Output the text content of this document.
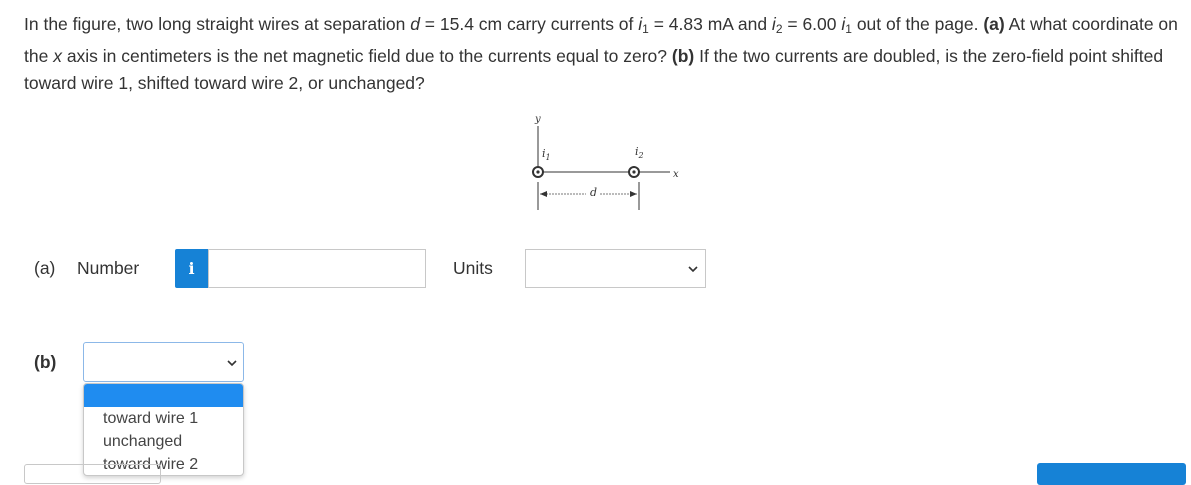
In the figure, two long straight wires at separation d = 15.4 cm carry currents of $i_1 = 4.83$ mA and $i_2 = 6.00$ $i_1$ out of the page. (a) At what coordinate on the x axis in centimeters is the net magnetic field due to the currents equal to zero? (b) If the two currents are doubled, is the zero-field point shifted toward wire 1, shifted toward wire 2, or unchanged?

y
$i_1$	$i_2$
x
d
(a) Number	i	Units
(b)
toward wire 1
unchanged
toward wire 2
